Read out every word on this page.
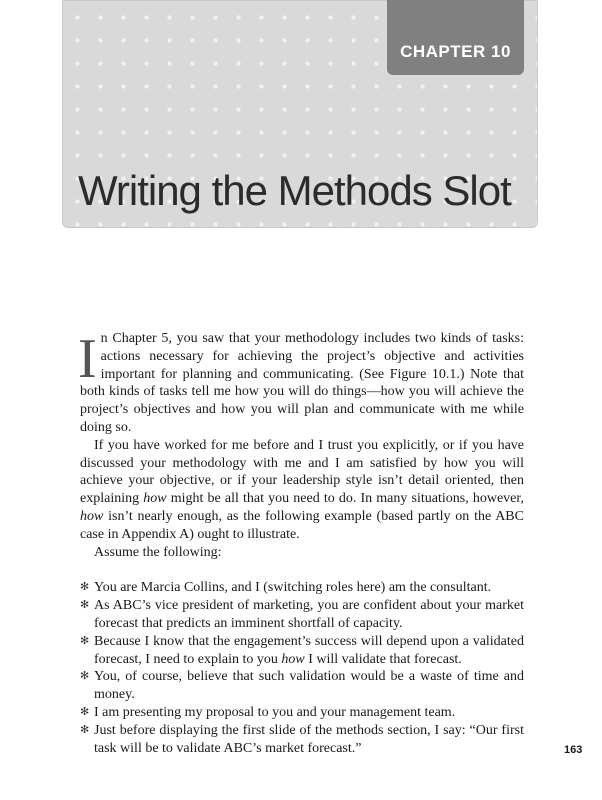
CHAPTER 10
Writing the Methods Slot

In Chapter 5, you saw that your methodology includes two kinds of tasks: actions necessary for achieving the project’s objective and activities important for planning and communicating. (See Figure 10.1.) Note that both kinds of tasks tell me how you will do things—how you will achieve the project’s objectives and how you will plan and communicate with me while doing so.

If you have worked for me before and I trust you explicitly, or if you have discussed your methodology with me and I am satisfied by how you will achieve your objective, or if your leadership style isn’t detail oriented, then explaining how might be all that you need to do. In many situations, however, how isn’t nearly enough, as the following example (based partly on the ABC case in Appendix A) ought to illustrate.

Assume the following:

✻ You are Marcia Collins, and I (switching roles here) am the consultant.
✻ As ABC’s vice president of marketing, you are confident about your market forecast that predicts an imminent shortfall of capacity.
✻ Because I know that the engagement’s success will depend upon a validated forecast, I need to explain to you how I will validate that forecast.
✻ You, of course, believe that such validation would be a waste of time and money.
✻ I am presenting my proposal to you and your management team.
✻ Just before displaying the first slide of the methods section, I say: “Our first task will be to validate ABC’s market forecast.”	163
